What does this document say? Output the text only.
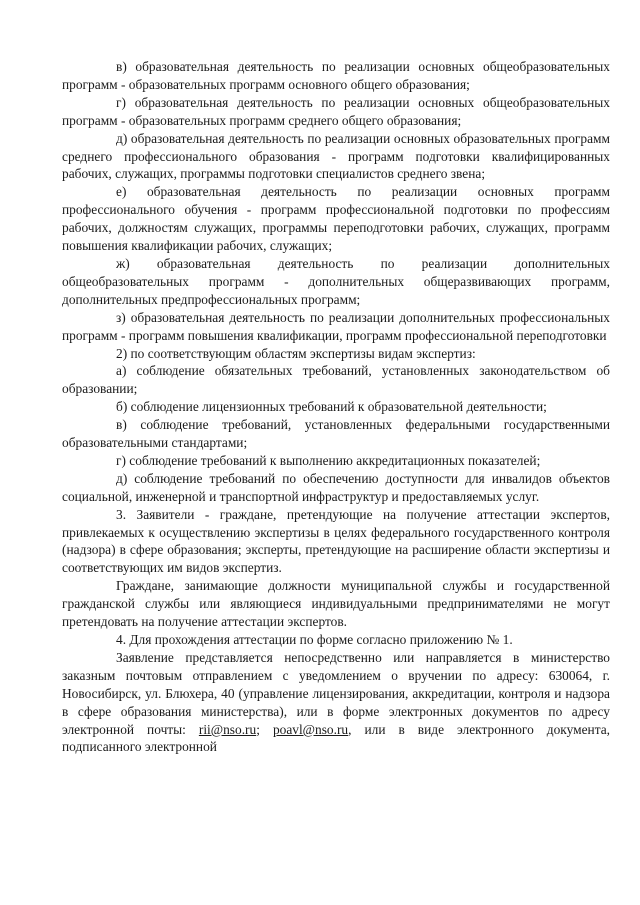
в) образовательная деятельность по реализации основных общеобразовательных программ - образовательных программ основного общего образования;

г) образовательная деятельность по реализации основных общеобразовательных программ - образовательных программ среднего общего образования;

д) образовательная деятельность по реализации основных образовательных программ среднего профессионального образования - программ подготовки квалифицированных рабочих, служащих, программы подготовки специалистов среднего звена;

е) образовательная деятельность по реализации основных программ профессионального обучения - программ профессиональной подготовки по профессиям рабочих, должностям служащих, программы переподготовки рабочих, служащих, программ повышения квалификации рабочих, служащих;

ж) образовательная деятельность по реализации дополнительных общеобразовательных программ - дополнительных общеразвивающих программ, дополнительных предпрофессиональных программ;

з) образовательная деятельность по реализации дополнительных профессиональных программ - программ повышения квалификации, программ профессиональной переподготовки

2) по соответствующим областям экспертизы видам экспертиз:

а) соблюдение обязательных требований, установленных законодательством об образовании;

б) соблюдение лицензионных требований к образовательной деятельности;

в) соблюдение требований, установленных федеральными государственными образовательными стандартами;

г) соблюдение требований к выполнению аккредитационных показателей;

д) соблюдение требований по обеспечению доступности для инвалидов объектов социальной, инженерной и транспортной инфраструктур и предоставляемых услуг.

3. Заявители - граждане, претендующие на получение аттестации экспертов, привлекаемых к осуществлению экспертизы в целях федерального государственного контроля (надзора) в сфере образования; эксперты, претендующие на расширение области экспертизы и соответствующих им видов экспертиз.

Граждане, занимающие должности муниципальной службы и государственной гражданской службы или являющиеся индивидуальными предпринимателями не могут претендовать на получение аттестации экспертов.

4. Для прохождения аттестации по форме согласно приложению № 1.

Заявление представляется непосредственно или направляется в министерство заказным почтовым отправлением с уведомлением о вручении по адресу: 630064, г. Новосибирск, ул. Блюхера, 40 (управление лицензирования, аккредитации, контроля и надзора в сфере образования министерства), или в форме электронных документов по адресу электронной почты: rii@nso.ru; poavl@nso.ru, или в виде электронного документа, подписанного электронной
